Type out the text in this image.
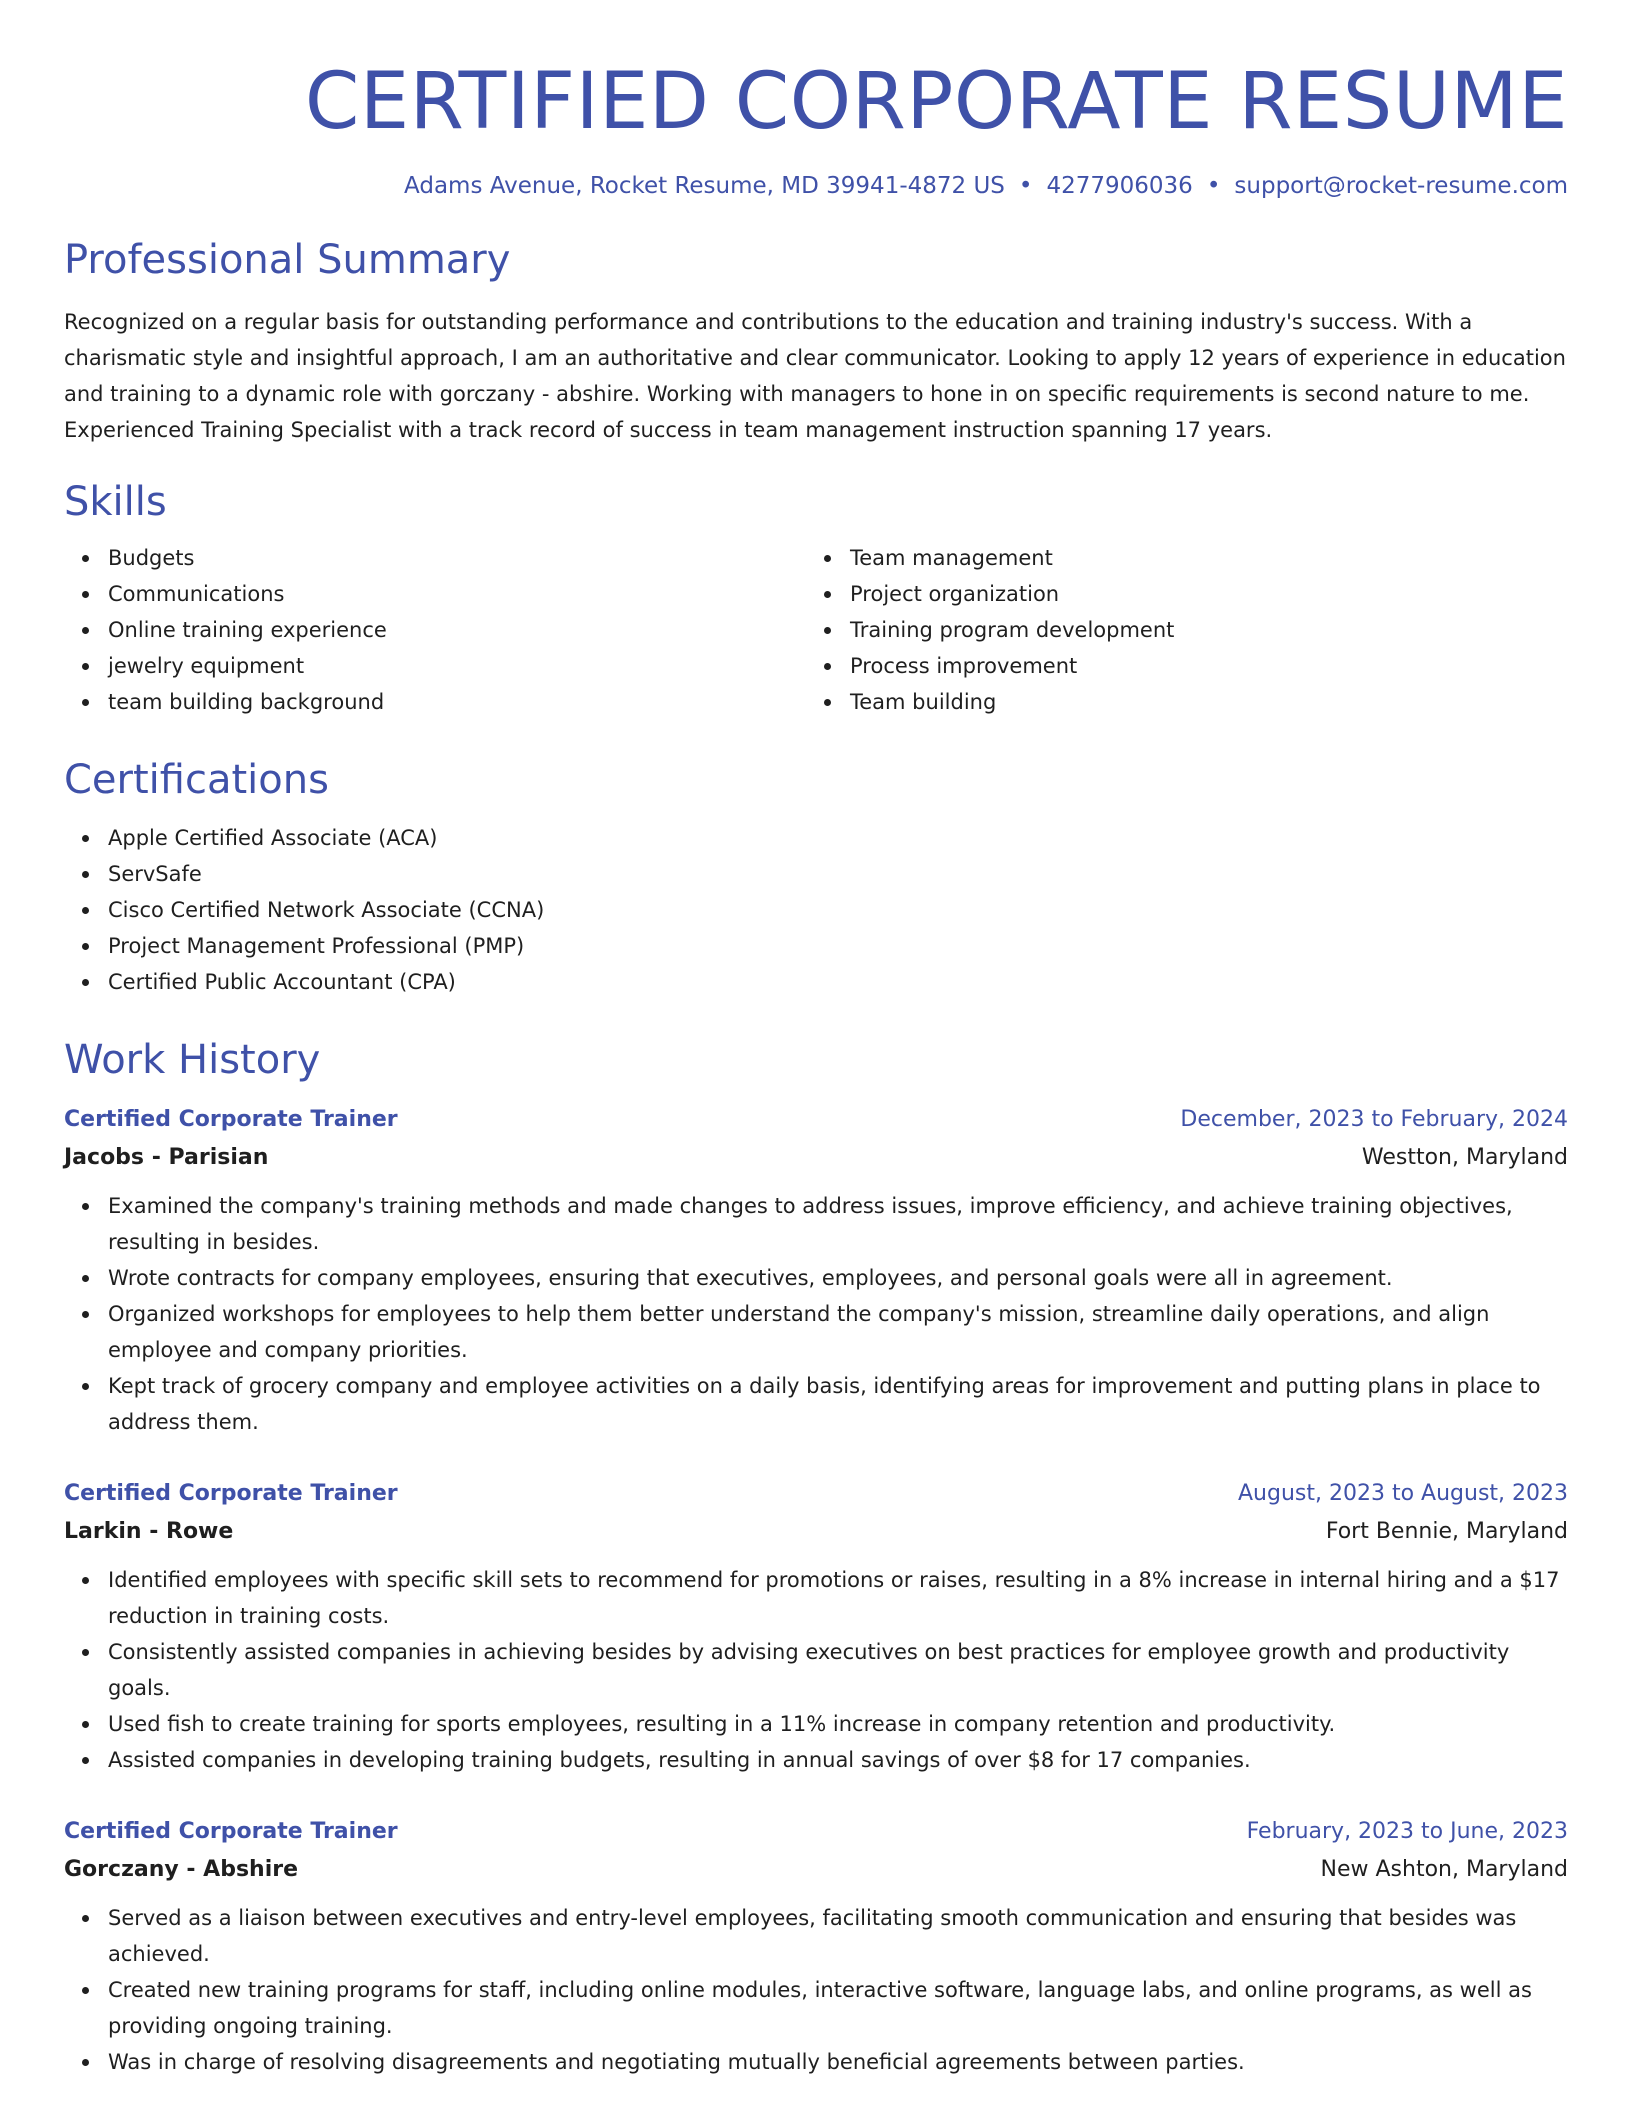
CERTIFIED CORPORATE RESUME
Adams Avenue, Rocket Resume, MD 39941-4872 US • 4277906036 • support@rocket-resume.com
Professional Summary

Recognized on a regular basis for outstanding performance and contributions to the education and training industry's success. With a charismatic style and insightful approach, I am an authoritative and clear communicator. Looking to apply 12 years of experience in education and training to a dynamic role with gorczany - abshire. Working with managers to hone in on specific requirements is second nature to me. Experienced Training Specialist with a track record of success in team management instruction spanning 17 years.

Skills
Budgets
Communications
Online training experience
jewelry equipment
team building background
Team management
Project organization
Training program development
Process improvement
Team building
Certifications
Apple Certified Associate (ACA)
ServSafe
Cisco Certified Network Associate (CCNA)
Project Management Professional (PMP)
Certified Public Accountant (CPA)
Work History
Certified Corporate Trainer	December, 2023 to February, 2024
Jacobs - Parisian	Westton, Maryland
Examined the company's training methods and made changes to address issues, improve efficiency, and achieve training objectives, resulting in besides.
Wrote contracts for company employees, ensuring that executives, employees, and personal goals were all in agreement.
Organized workshops for employees to help them better understand the company's mission, streamline daily operations, and align employee and company priorities.
Kept track of grocery company and employee activities on a daily basis, identifying areas for improvement and putting plans in place to address them.
Certified Corporate Trainer	August, 2023 to August, 2023
Larkin - Rowe	Fort Bennie, Maryland
Identified employees with specific skill sets to recommend for promotions or raises, resulting in a 8% increase in internal hiring and a $17 reduction in training costs.
Consistently assisted companies in achieving besides by advising executives on best practices for employee growth and productivity goals.
Used fish to create training for sports employees, resulting in a 11% increase in company retention and productivity.
Assisted companies in developing training budgets, resulting in annual savings of over $8 for 17 companies.
Certified Corporate Trainer	February, 2023 to June, 2023
Gorczany - Abshire	New Ashton, Maryland
Served as a liaison between executives and entry-level employees, facilitating smooth communication and ensuring that besides was achieved.
Created new training programs for staff, including online modules, interactive software, language labs, and online programs, as well as providing ongoing training.
Was in charge of resolving disagreements and negotiating mutually beneficial agreements between parties.
